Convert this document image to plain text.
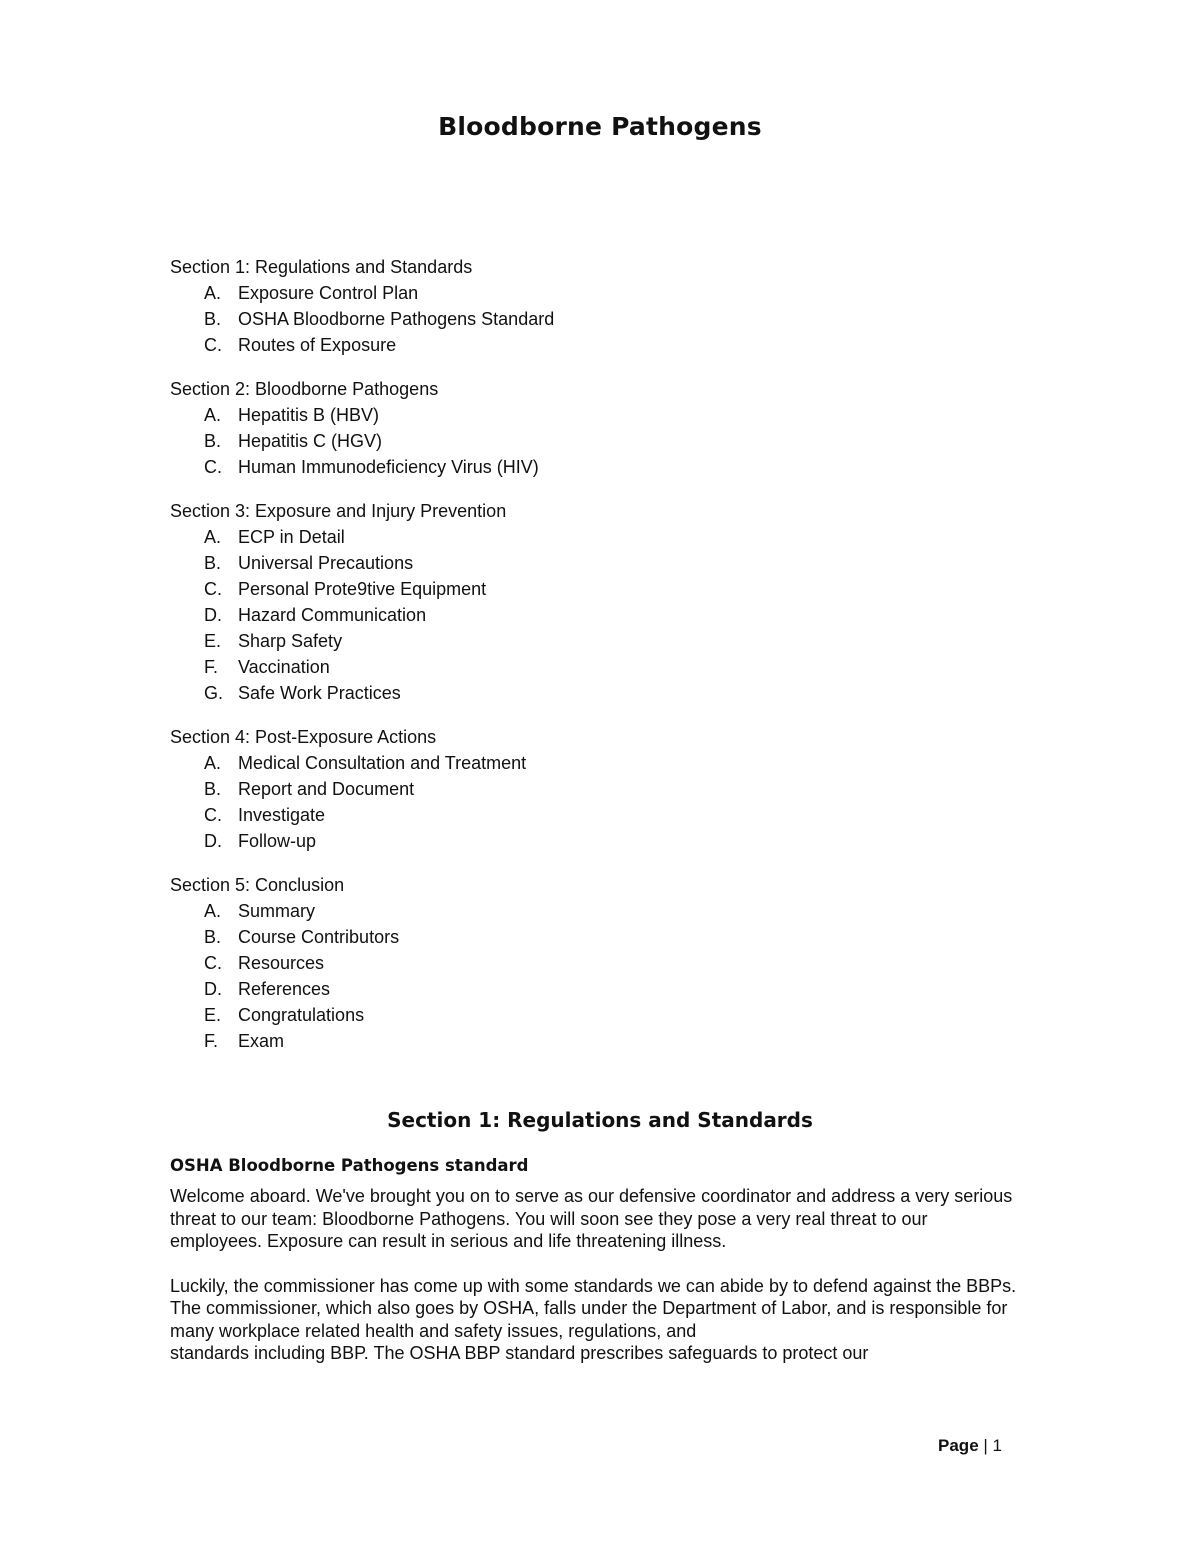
Bloodborne Pathogens
Section 1: Regulations and Standards
A. Exposure Control Plan
B. OSHA Bloodborne Pathogens Standard
C. Routes of Exposure
Section 2: Bloodborne Pathogens
A. Hepatitis B (HBV)
B. Hepatitis C (HGV)
C. Human Immunodeficiency Virus (HIV)
Section 3: Exposure and Injury Prevention
A. ECP in Detail
B. Universal Precautions
C. Personal Prote9tive Equipment
D. Hazard Communication
E. Sharp Safety
F.	Vaccination
G. Safe Work Practices
Section 4: Post-Exposure Actions
A. Medical Consultation and Treatment
B. Report and Document
C. Investigate
D. Follow-up
Section 5: Conclusion
A. Summary
B. Course Contributors
C. Resources
D. References
E. Congratulations
F.	Exam
Section 1: Regulations and Standards
OSHA Bloodborne Pathogens standard
Welcome aboard. We've brought you on to serve as our defensive coordinator and address a very serious
threat to our team: Bloodborne Pathogens. You will soon see they pose a very real threat to our
employees. Exposure can result in serious and life threatening illness.
Luckily, the commissioner has come up with some standards we can abide by to defend against the BBPs.
The commissioner, which also goes by OSHA, falls under the Department of Labor, and is responsible for
many workplace related health and safety issues, regulations, and
standards including BBP. The OSHA BBP standard prescribes safeguards to protect our
Page | 1
